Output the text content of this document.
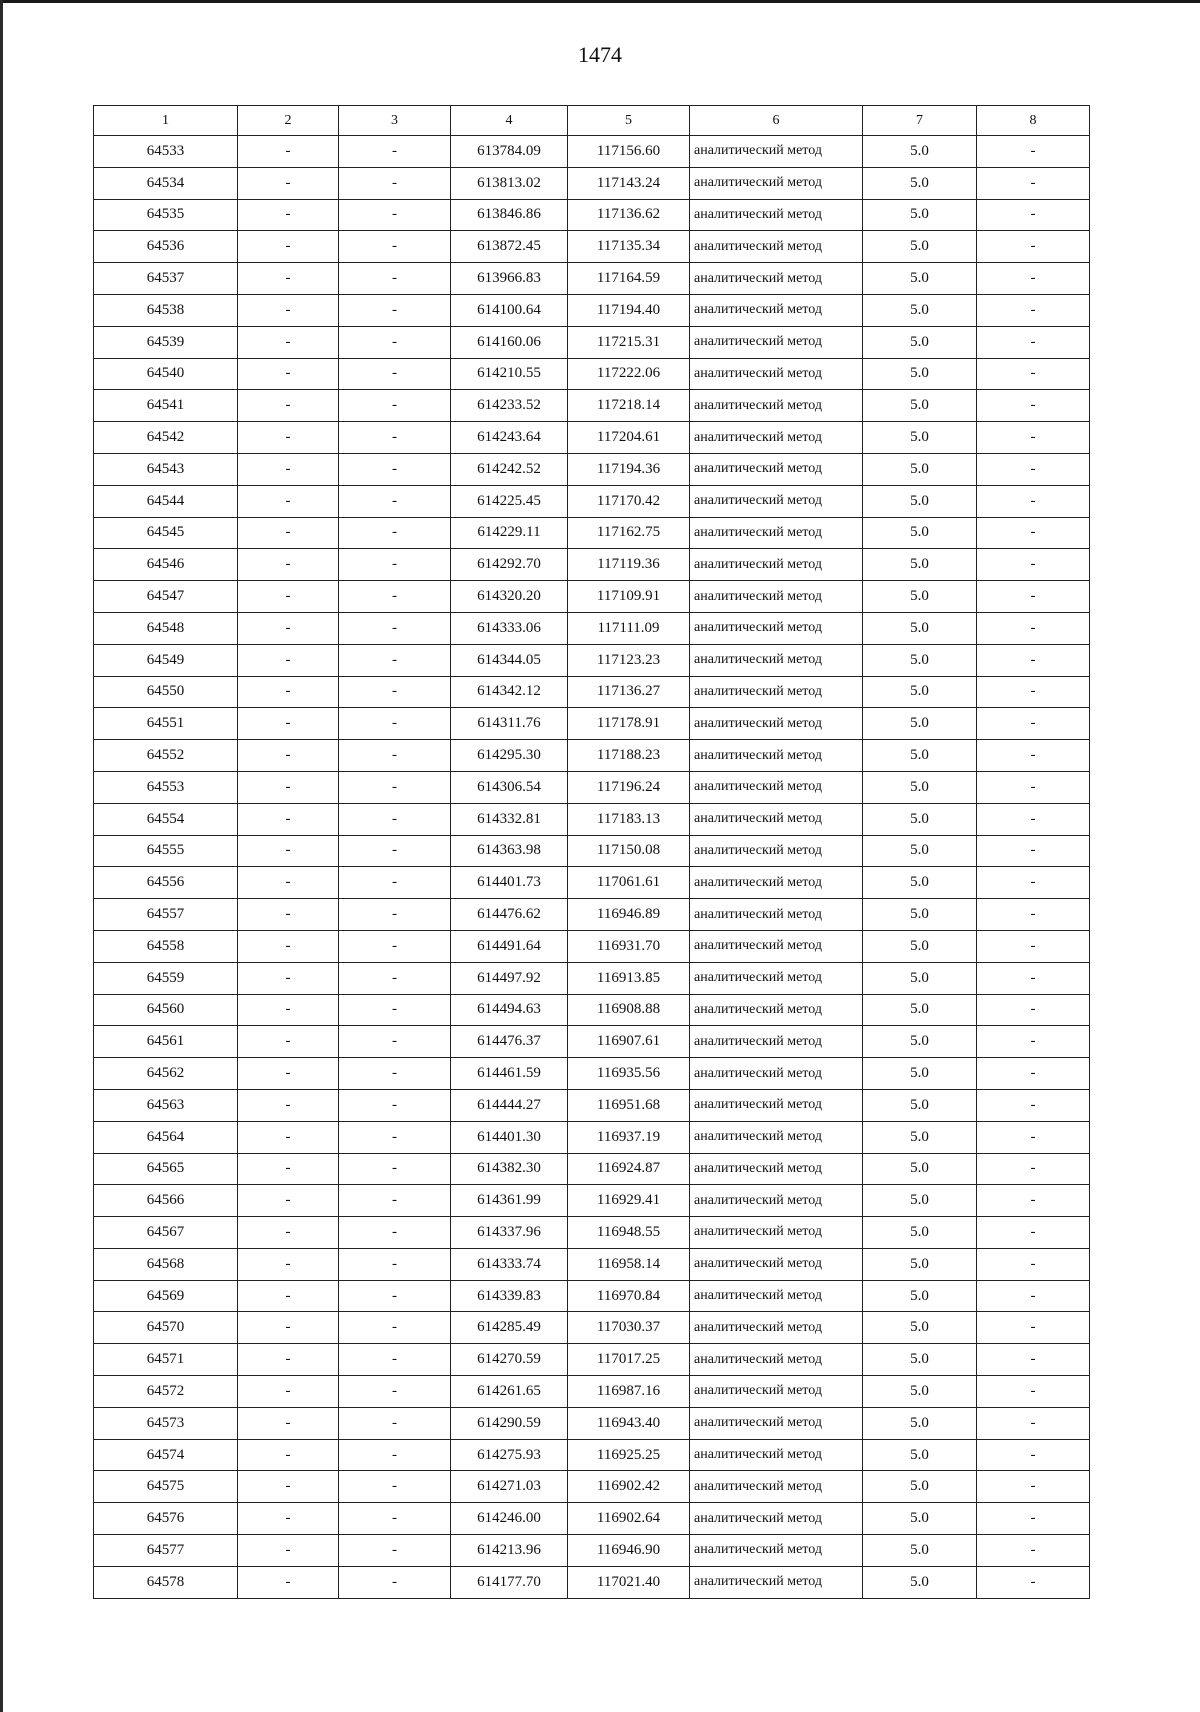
1474
1	2	3	4	5	6	7	8
64533	-	-	613784.09	117156.60	аналитический метод	5.0	-
64534	-	-	613813.02	117143.24	аналитический метод	5.0	-
64535	-	-	613846.86	117136.62	аналитический метод	5.0	-
64536	-	-	613872.45	117135.34	аналитический метод	5.0	-
64537	-	-	613966.83	117164.59	аналитический метод	5.0	-
64538	-	-	614100.64	117194.40	аналитический метод	5.0	-
64539	-	-	614160.06	117215.31	аналитический метод	5.0	-
64540	-	-	614210.55	117222.06	аналитический метод	5.0	-
64541	-	-	614233.52	117218.14	аналитический метод	5.0	-
64542	-	-	614243.64	117204.61	аналитический метод	5.0	-
64543	-	-	614242.52	117194.36	аналитический метод	5.0	-
64544	-	-	614225.45	117170.42	аналитический метод	5.0	-
64545	-	-	614229.11	117162.75	аналитический метод	5.0	-
64546	-	-	614292.70	117119.36	аналитический метод	5.0	-
64547	-	-	614320.20	117109.91	аналитический метод	5.0	-
64548	-	-	614333.06	117111.09	аналитический метод	5.0	-
64549	-	-	614344.05	117123.23	аналитический метод	5.0	-
64550	-	-	614342.12	117136.27	аналитический метод	5.0	-
64551	-	-	614311.76	117178.91	аналитический метод	5.0	-
64552	-	-	614295.30	117188.23	аналитический метод	5.0	-
64553	-	-	614306.54	117196.24	аналитический метод	5.0	-
64554	-	-	614332.81	117183.13	аналитический метод	5.0	-
64555	-	-	614363.98	117150.08	аналитический метод	5.0	-
64556	-	-	614401.73	117061.61	аналитический метод	5.0	-
64557	-	-	614476.62	116946.89	аналитический метод	5.0	-
64558	-	-	614491.64	116931.70	аналитический метод	5.0	-
64559	-	-	614497.92	116913.85	аналитический метод	5.0	-
64560	-	-	614494.63	116908.88	аналитический метод	5.0	-
64561	-	-	614476.37	116907.61	аналитический метод	5.0	-
64562	-	-	614461.59	116935.56	аналитический метод	5.0	-
64563	-	-	614444.27	116951.68	аналитический метод	5.0	-
64564	-	-	614401.30	116937.19	аналитический метод	5.0	-
64565	-	-	614382.30	116924.87	аналитический метод	5.0	-
64566	-	-	614361.99	116929.41	аналитический метод	5.0	-
64567	-	-	614337.96	116948.55	аналитический метод	5.0	-
64568	-	-	614333.74	116958.14	аналитический метод	5.0	-
64569	-	-	614339.83	116970.84	аналитический метод	5.0	-
64570	-	-	614285.49	117030.37	аналитический метод	5.0	-
64571	-	-	614270.59	117017.25	аналитический метод	5.0	-
64572	-	-	614261.65	116987.16	аналитический метод	5.0	-
64573	-	-	614290.59	116943.40	аналитический метод	5.0	-
64574	-	-	614275.93	116925.25	аналитический метод	5.0	-
64575	-	-	614271.03	116902.42	аналитический метод	5.0	-
64576	-	-	614246.00	116902.64	аналитический метод	5.0	-
64577	-	-	614213.96	116946.90	аналитический метод	5.0	-
64578	-	-	614177.70	117021.40	аналитический метод	5.0	-
